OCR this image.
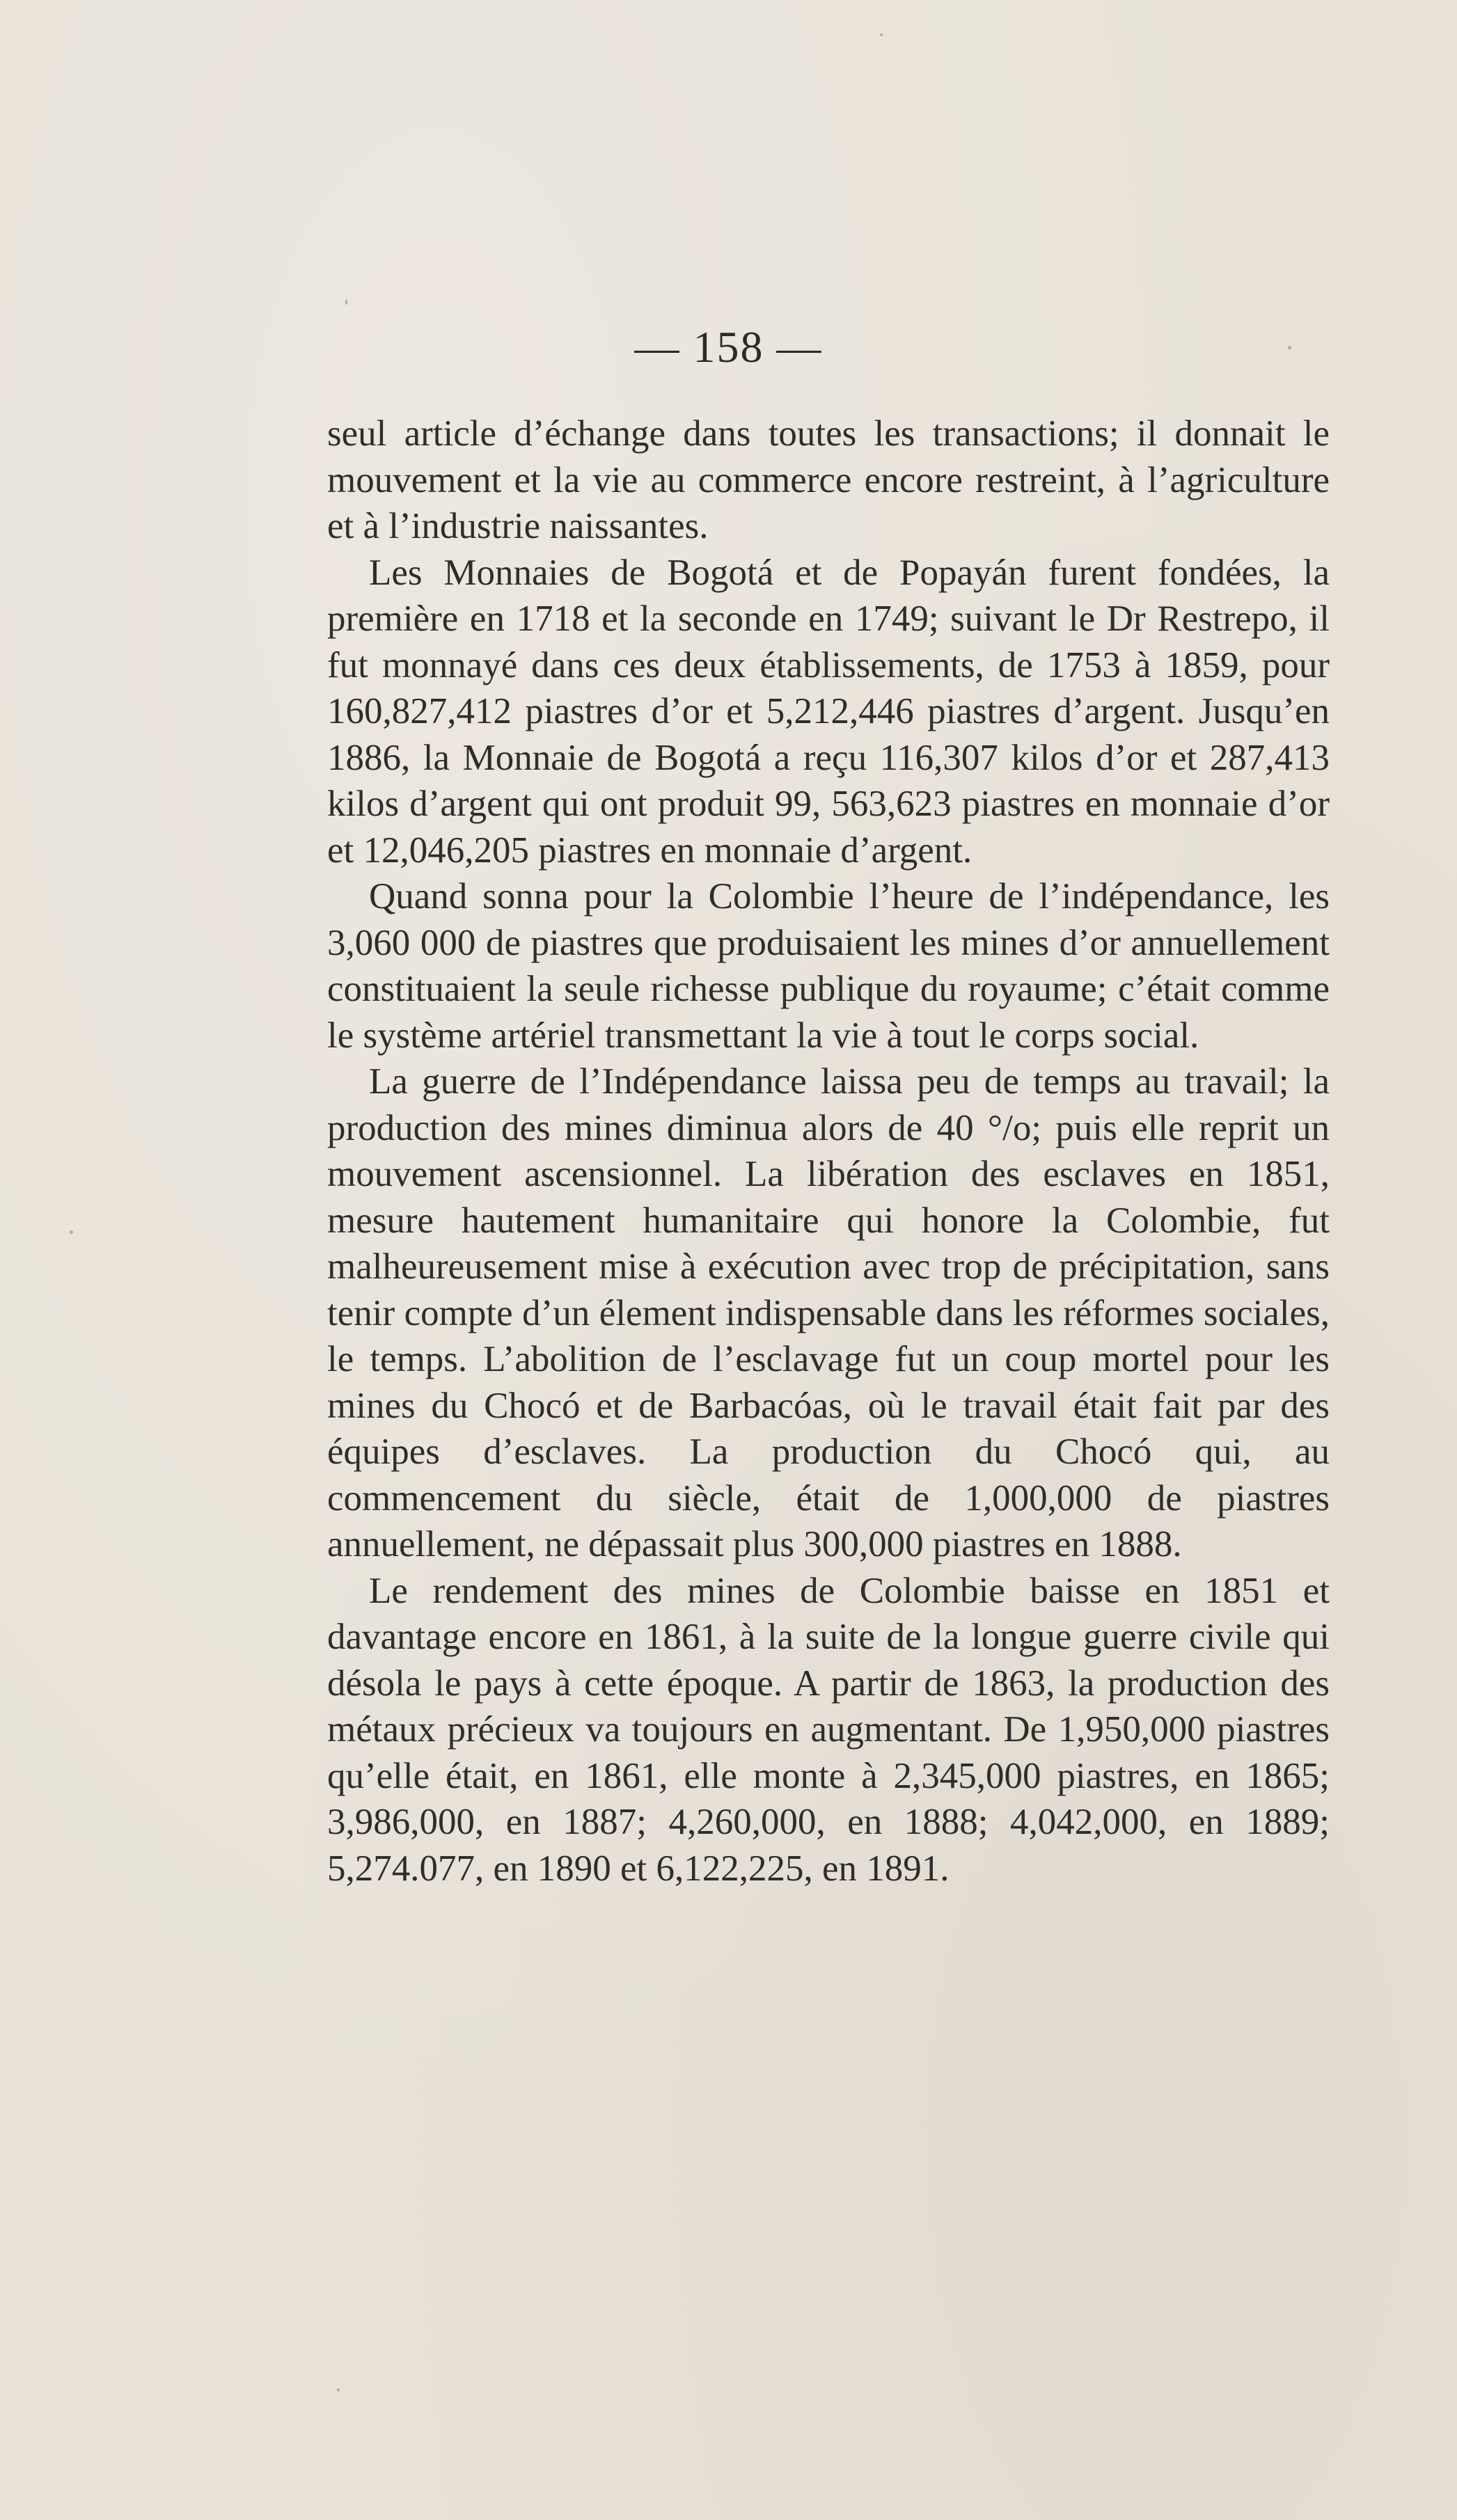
— 158 —

seul article d’échange dans toutes les transactions; il donnait le mouvement et la vie au commerce encore restreint, à l’agriculture et à l’industrie naissantes.

Les Monnaies de Bogotá et de Popayán furent fondées, la première en 1718 et la seconde en 1749; suivant le Dr Restrepo, il fut monnayé dans ces deux établissements, de 1753 à 1859, pour 160,827,412 piastres d’or et 5,212,446 piastres d’argent. Jusqu’en 1886, la Monnaie de Bogotá a reçu 116,307 kilos d’or et 287,413 kilos d’argent qui ont produit 99, 563,623 piastres en monnaie d’or et 12,046,205 piastres en monnaie d’argent.

Quand sonna pour la Colombie l’heure de l’indépendance, les 3,060 000 de piastres que produisaient les mines d’or annuellement constituaient la seule richesse publique du royaume; c’était comme le système artériel transmettant la vie à tout le corps social.

La guerre de l’Indépendance laissa peu de temps au travail; la production des mines diminua alors de 40 °/o; puis elle reprit un mouvement ascensionnel. La libération des esclaves en 1851, mesure hautement humanitaire qui honore la Colombie, fut malheureusement mise à exécution avec trop de précipitation, sans tenir compte d’un élement indispensable dans les réformes sociales, le temps. L’abolition de l’esclavage fut un coup mortel pour les mines du Chocó et de Barbacóas, où le travail était fait par des équipes d’esclaves. La production du Chocó qui, au commencement du siècle, était de 1,000,000 de piastres annuellement, ne dépassait plus 300,000 piastres en 1888.

Le rendement des mines de Colombie baisse en 1851 et davantage encore en 1861, à la suite de la longue guerre civile qui désola le pays à cette époque. A partir de 1863, la production des métaux précieux va toujours en augmentant. De 1,950,000 piastres qu’elle était, en 1861, elle monte à 2,345,000 piastres, en 1865; 3,986,000, en 1887; 4,260,000, en 1888; 4,042,000, en 1889; 5,274.077, en 1890 et 6,122,225, en 1891.
